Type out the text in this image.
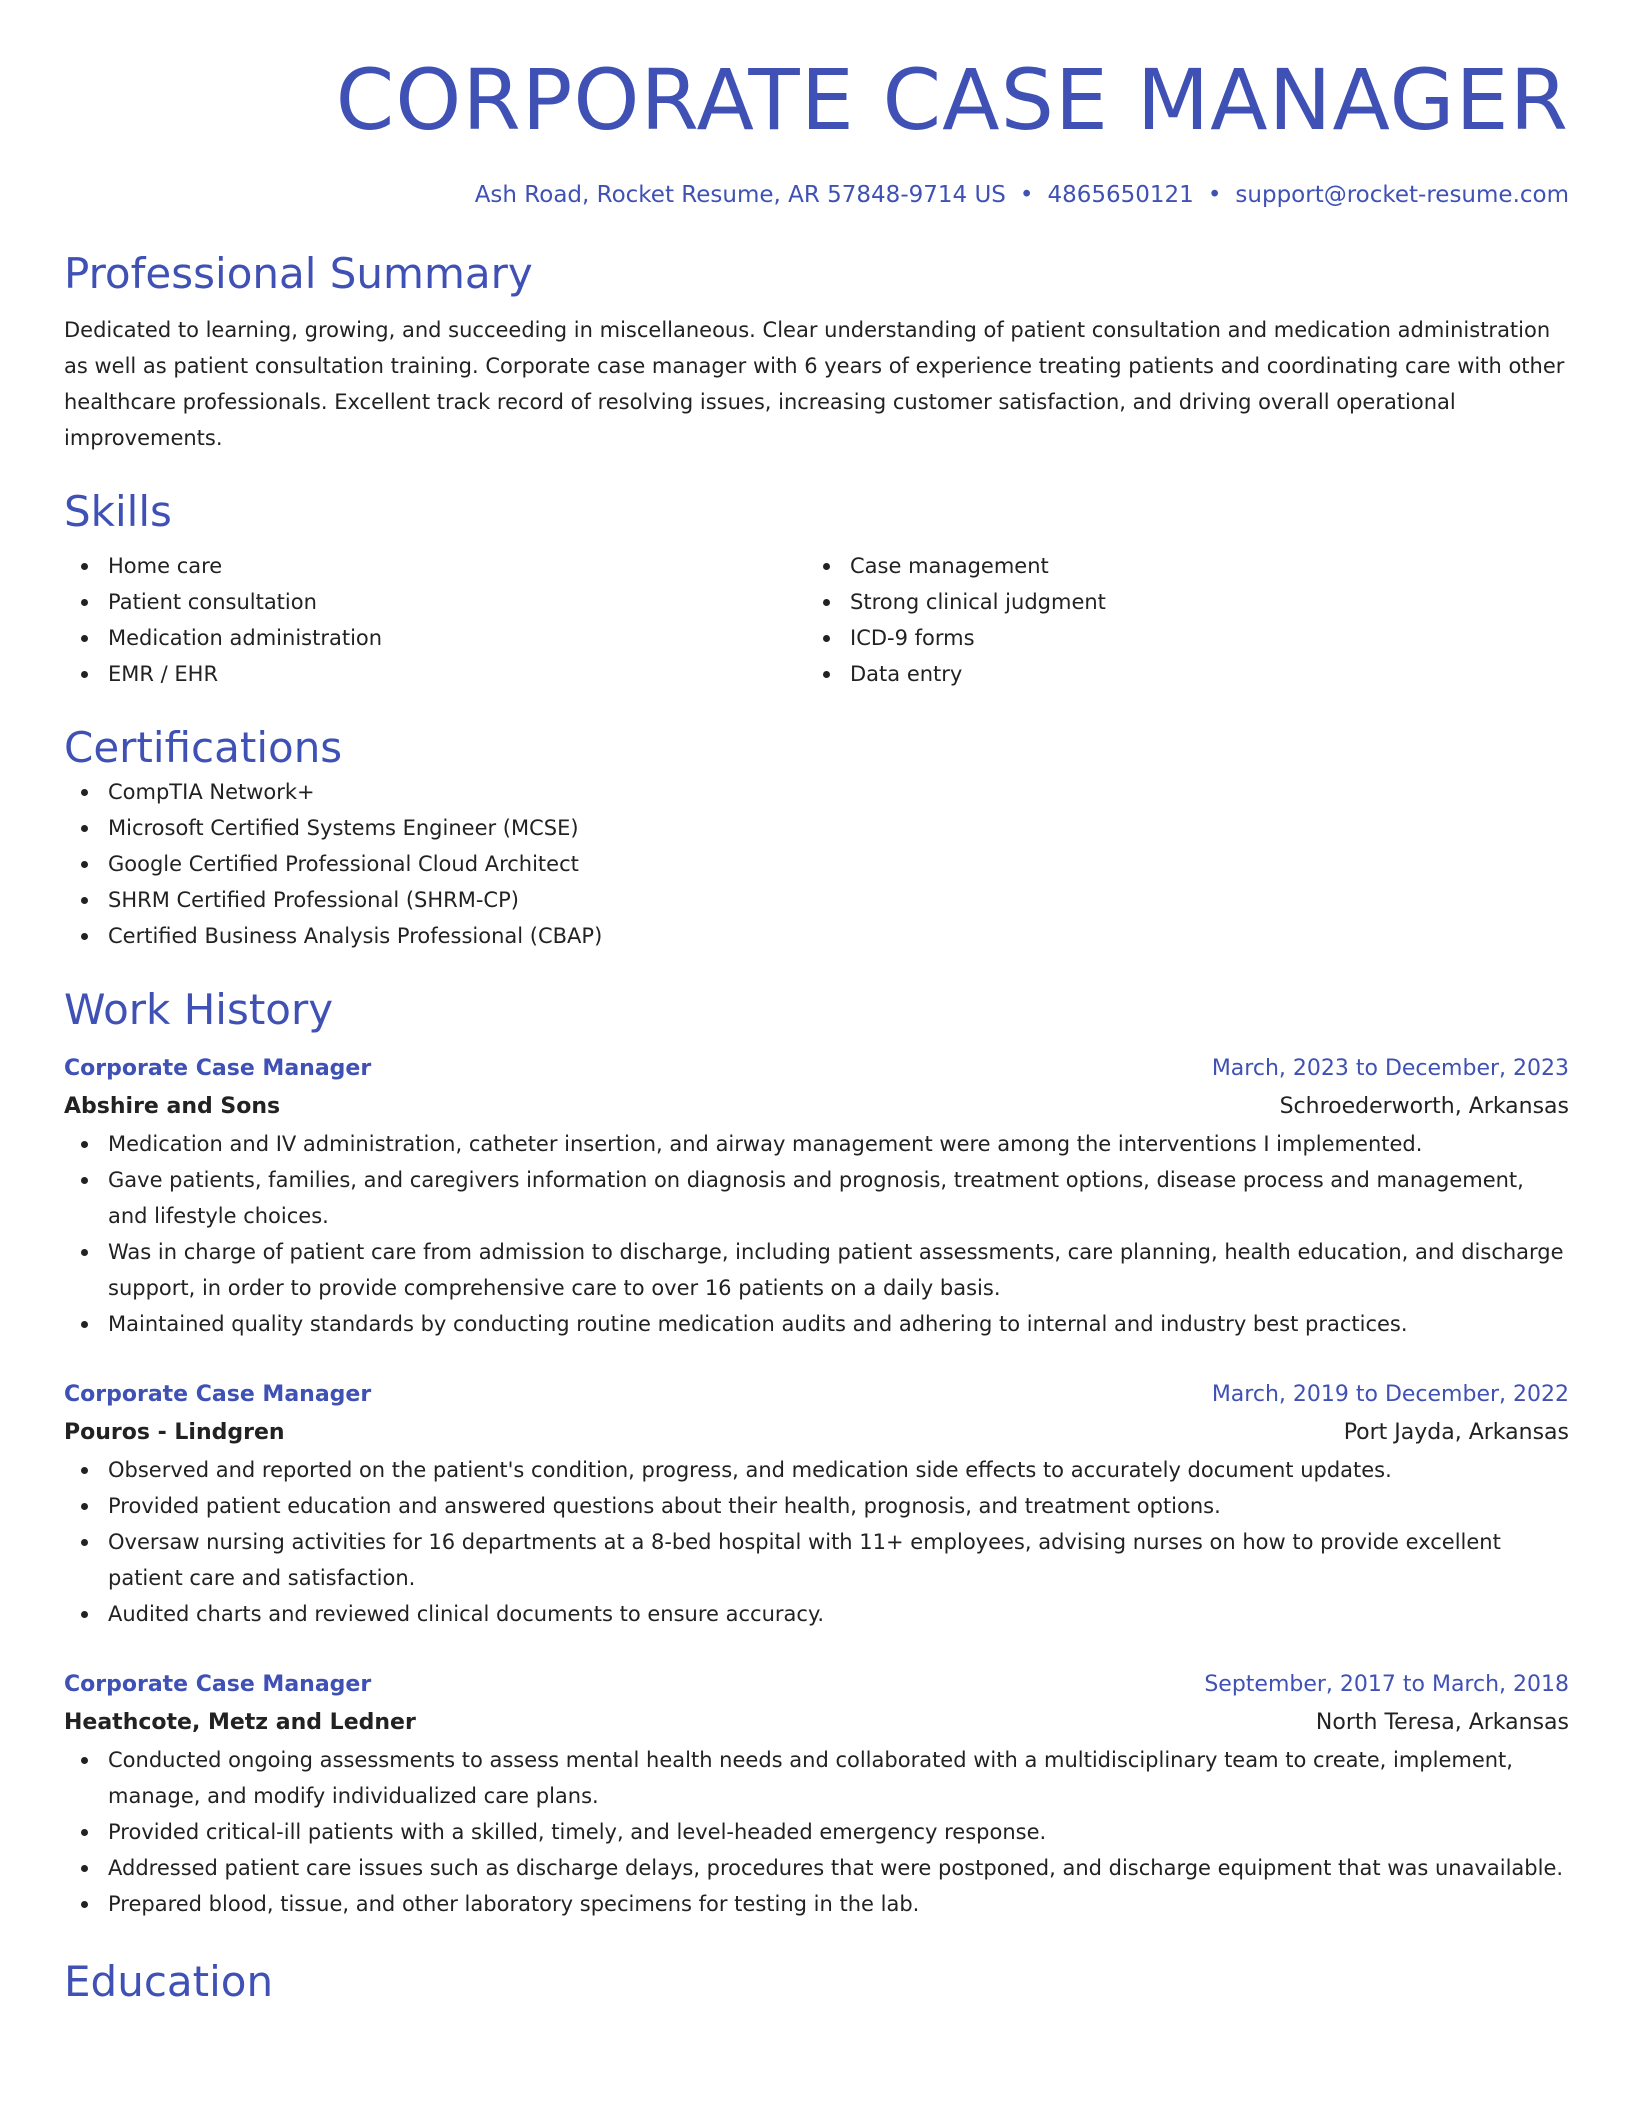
CORPORATE CASE MANAGER
Ash Road, Rocket Resume, AR 57848-9714 US • 4865650121 • support@rocket-resume.com
Professional Summary
Dedicated to learning, growing, and succeeding in miscellaneous. Clear understanding of patient consultation and medication administration as well as patient consultation training. Corporate case manager with 6 years of experience treating patients and coordinating care with other healthcare professionals. Excellent track record of resolving issues, increasing customer satisfaction, and driving overall operational improvements.
Skills
Home care
Patient consultation
Medication administration
EMR / EHR
Case management
Strong clinical judgment
ICD-9 forms
Data entry
Certifications
CompTIA Network+
Microsoft Certified Systems Engineer (MCSE)
Google Certified Professional Cloud Architect
SHRM Certified Professional (SHRM-CP)
Certified Business Analysis Professional (CBAP)
Work History
Corporate Case Manager	March, 2023 to December, 2023
Abshire and Sons	Schroederworth, Arkansas
Medication and IV administration, catheter insertion, and airway management were among the interventions I implemented.
Gave patients, families, and caregivers information on diagnosis and prognosis, treatment options, disease process and management, and lifestyle choices.
Was in charge of patient care from admission to discharge, including patient assessments, care planning, health education, and discharge support, in order to provide comprehensive care to over 16 patients on a daily basis.
Maintained quality standards by conducting routine medication audits and adhering to internal and industry best practices.
Corporate Case Manager	March, 2019 to December, 2022
Pouros - Lindgren	Port Jayda, Arkansas
Observed and reported on the patient's condition, progress, and medication side effects to accurately document updates.
Provided patient education and answered questions about their health, prognosis, and treatment options.
Oversaw nursing activities for 16 departments at a 8-bed hospital with 11+ employees, advising nurses on how to provide excellent patient care and satisfaction.
Audited charts and reviewed clinical documents to ensure accuracy.
Corporate Case Manager	September, 2017 to March, 2018
Heathcote, Metz and Ledner	North Teresa, Arkansas
Conducted ongoing assessments to assess mental health needs and collaborated with a multidisciplinary team to create, implement, manage, and modify individualized care plans.
Provided critical-ill patients with a skilled, timely, and level-headed emergency response.
Addressed patient care issues such as discharge delays, procedures that were postponed, and discharge equipment that was unavailable.
Prepared blood, tissue, and other laboratory specimens for testing in the lab.
Education
